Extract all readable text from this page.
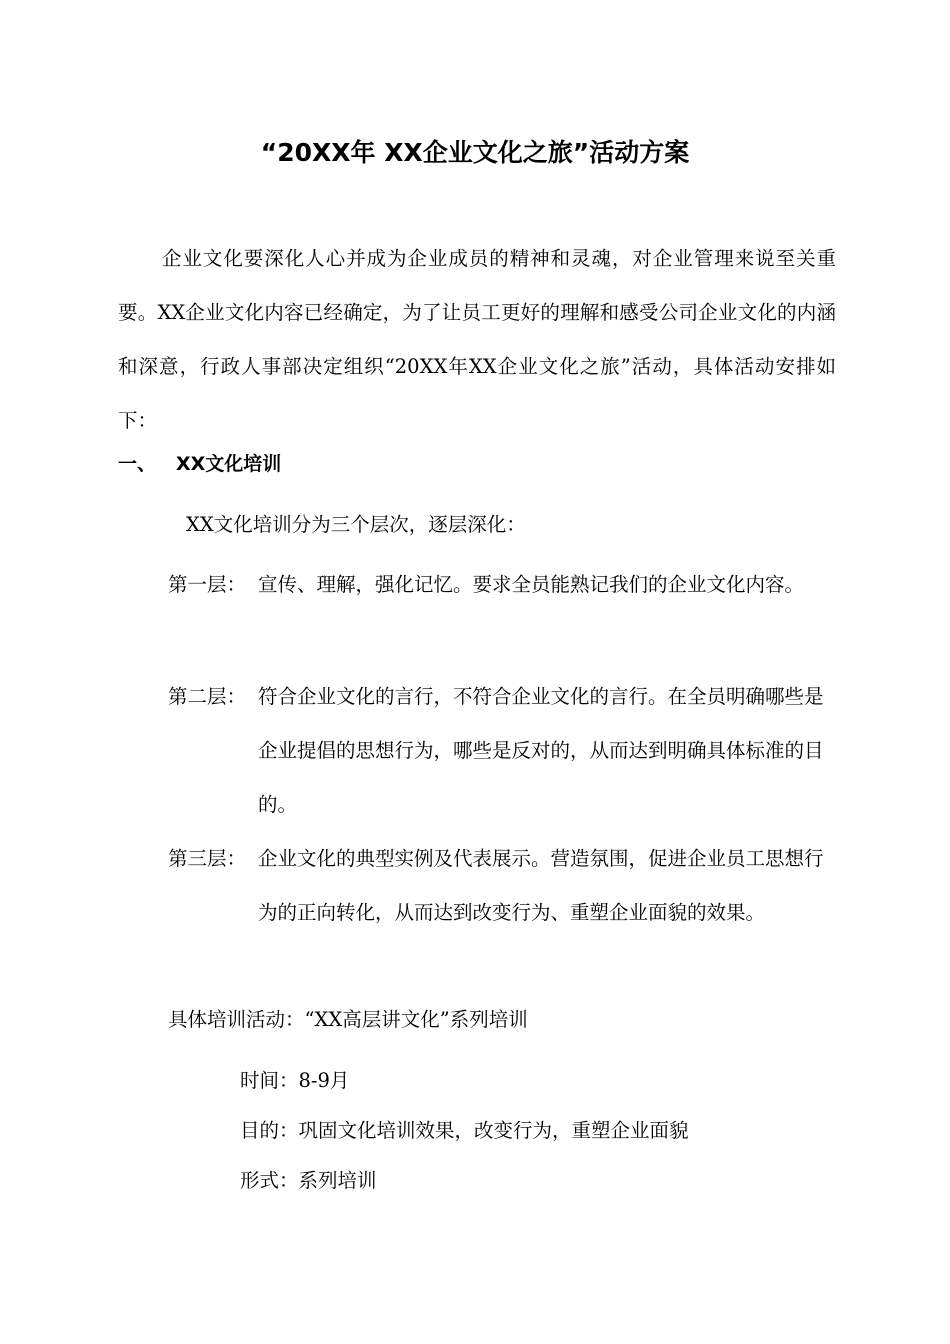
“20XX年 XX企业文化之旅”活动方案

企业文化要深化人心并成为企业成员的精神和灵魂，对企业管理来说至关重要。XX企业文化内容已经确定，为了让员工更好的理解和感受公司企业文化的内涵和深意，行政人事部决定组织“20XX年XX企业文化之旅”活动，具体活动安排如下：

一、 XX文化培训
XX文化培训分为三个层次，逐层深化：
第一层： 宣传、理解，强化记忆。要求全员能熟记我们的企业文化内容。
第二层： 符合企业文化的言行，不符合企业文化的言行。在全员明确哪些是企业提倡的思想行为，哪些是反对的，从而达到明确具体标准的目的。
第三层： 企业文化的典型实例及代表展示。营造氛围，促进企业员工思想行为的正向转化，从而达到改变行为、重塑企业面貌的效果。
具体培训活动：“XX高层讲文化”系列培训
时间：8-9月
目的：巩固文化培训效果，改变行为，重塑企业面貌
形式：系列培训
